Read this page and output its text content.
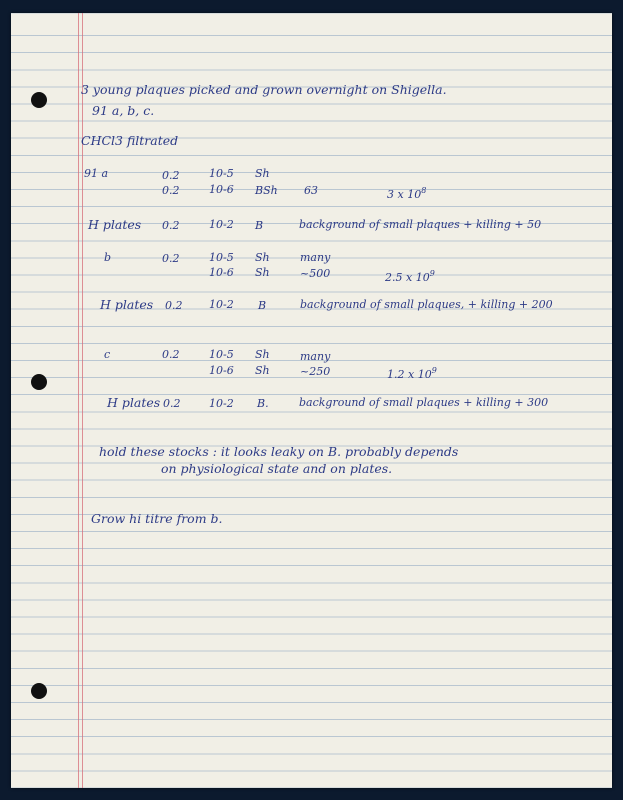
3 young plaques picked and grown overnight on Shigella.
91 a, b, c.
CHCl3 filtrated
91 a	0.2	10-5 Sh
0.2	10-6 BSh 63	3 x $10^8$
H plates 0.2	10-2 B	background of small plaques + killing + 50
b	0.2	10-5 Sh	many
10-6 Sh	~500	2.5 x $10^9$
H plates 0.2 10-2 B	background of small plaques, + killing + 200
c	0.2	10-5 Sh	many
10-6 Sh	~250	1.2 x $10^9$
H plates 0.2	10-2 B.	background of small plaques + killing + 300
hold these stocks : it looks leaky on B. probably depends
on physiological state and on plates.
Grow hi titre from b.
